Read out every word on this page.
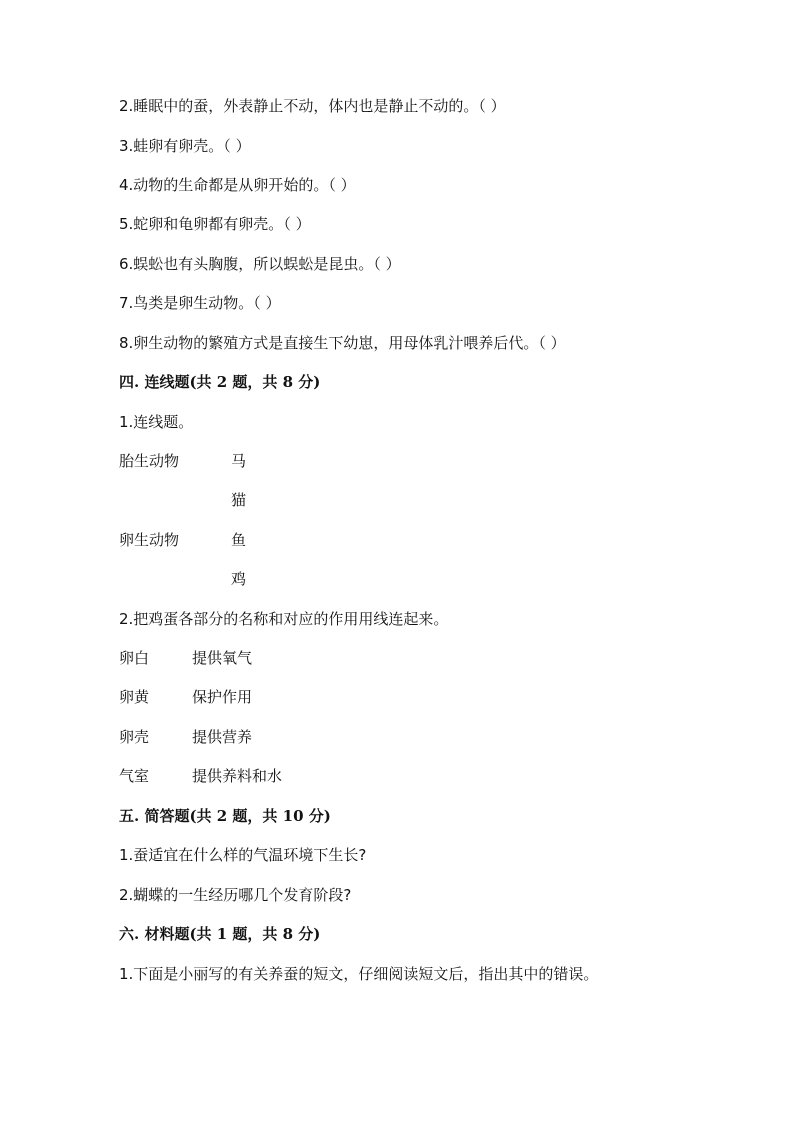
2.睡眠中的蚕，外表静止不动，体内也是静止不动的。（ ）
3.蛙卵有卵壳。（ ）
4.动物的生命都是从卵开始的。（ ）
5.蛇卵和龟卵都有卵壳。（ ）
6.蜈蚣也有头胸腹，所以蜈蚣是昆虫。（ ）
7.鸟类是卵生动物。（ ）
8.卵生动物的繁殖方式是直接生下幼崽，用母体乳汁喂养后代。（ ）
四. 连线题(共 2 题，共 8 分)
1.连线题。
胎生动物	马
猫
卵生动物	鱼
鸡
2.把鸡蛋各部分的名称和对应的作用用线连起来。
卵白	提供氧气
卵黄	保护作用
卵壳	提供营养
气室	提供养料和水
五. 简答题(共 2 题，共 10 分)
1.蚕适宜在什么样的气温环境下生长?
2.蝴蝶的一生经历哪几个发育阶段?
六. 材料题(共 1 题，共 8 分)
1.下面是小丽写的有关养蚕的短文，仔细阅读短文后，指出其中的错误。
